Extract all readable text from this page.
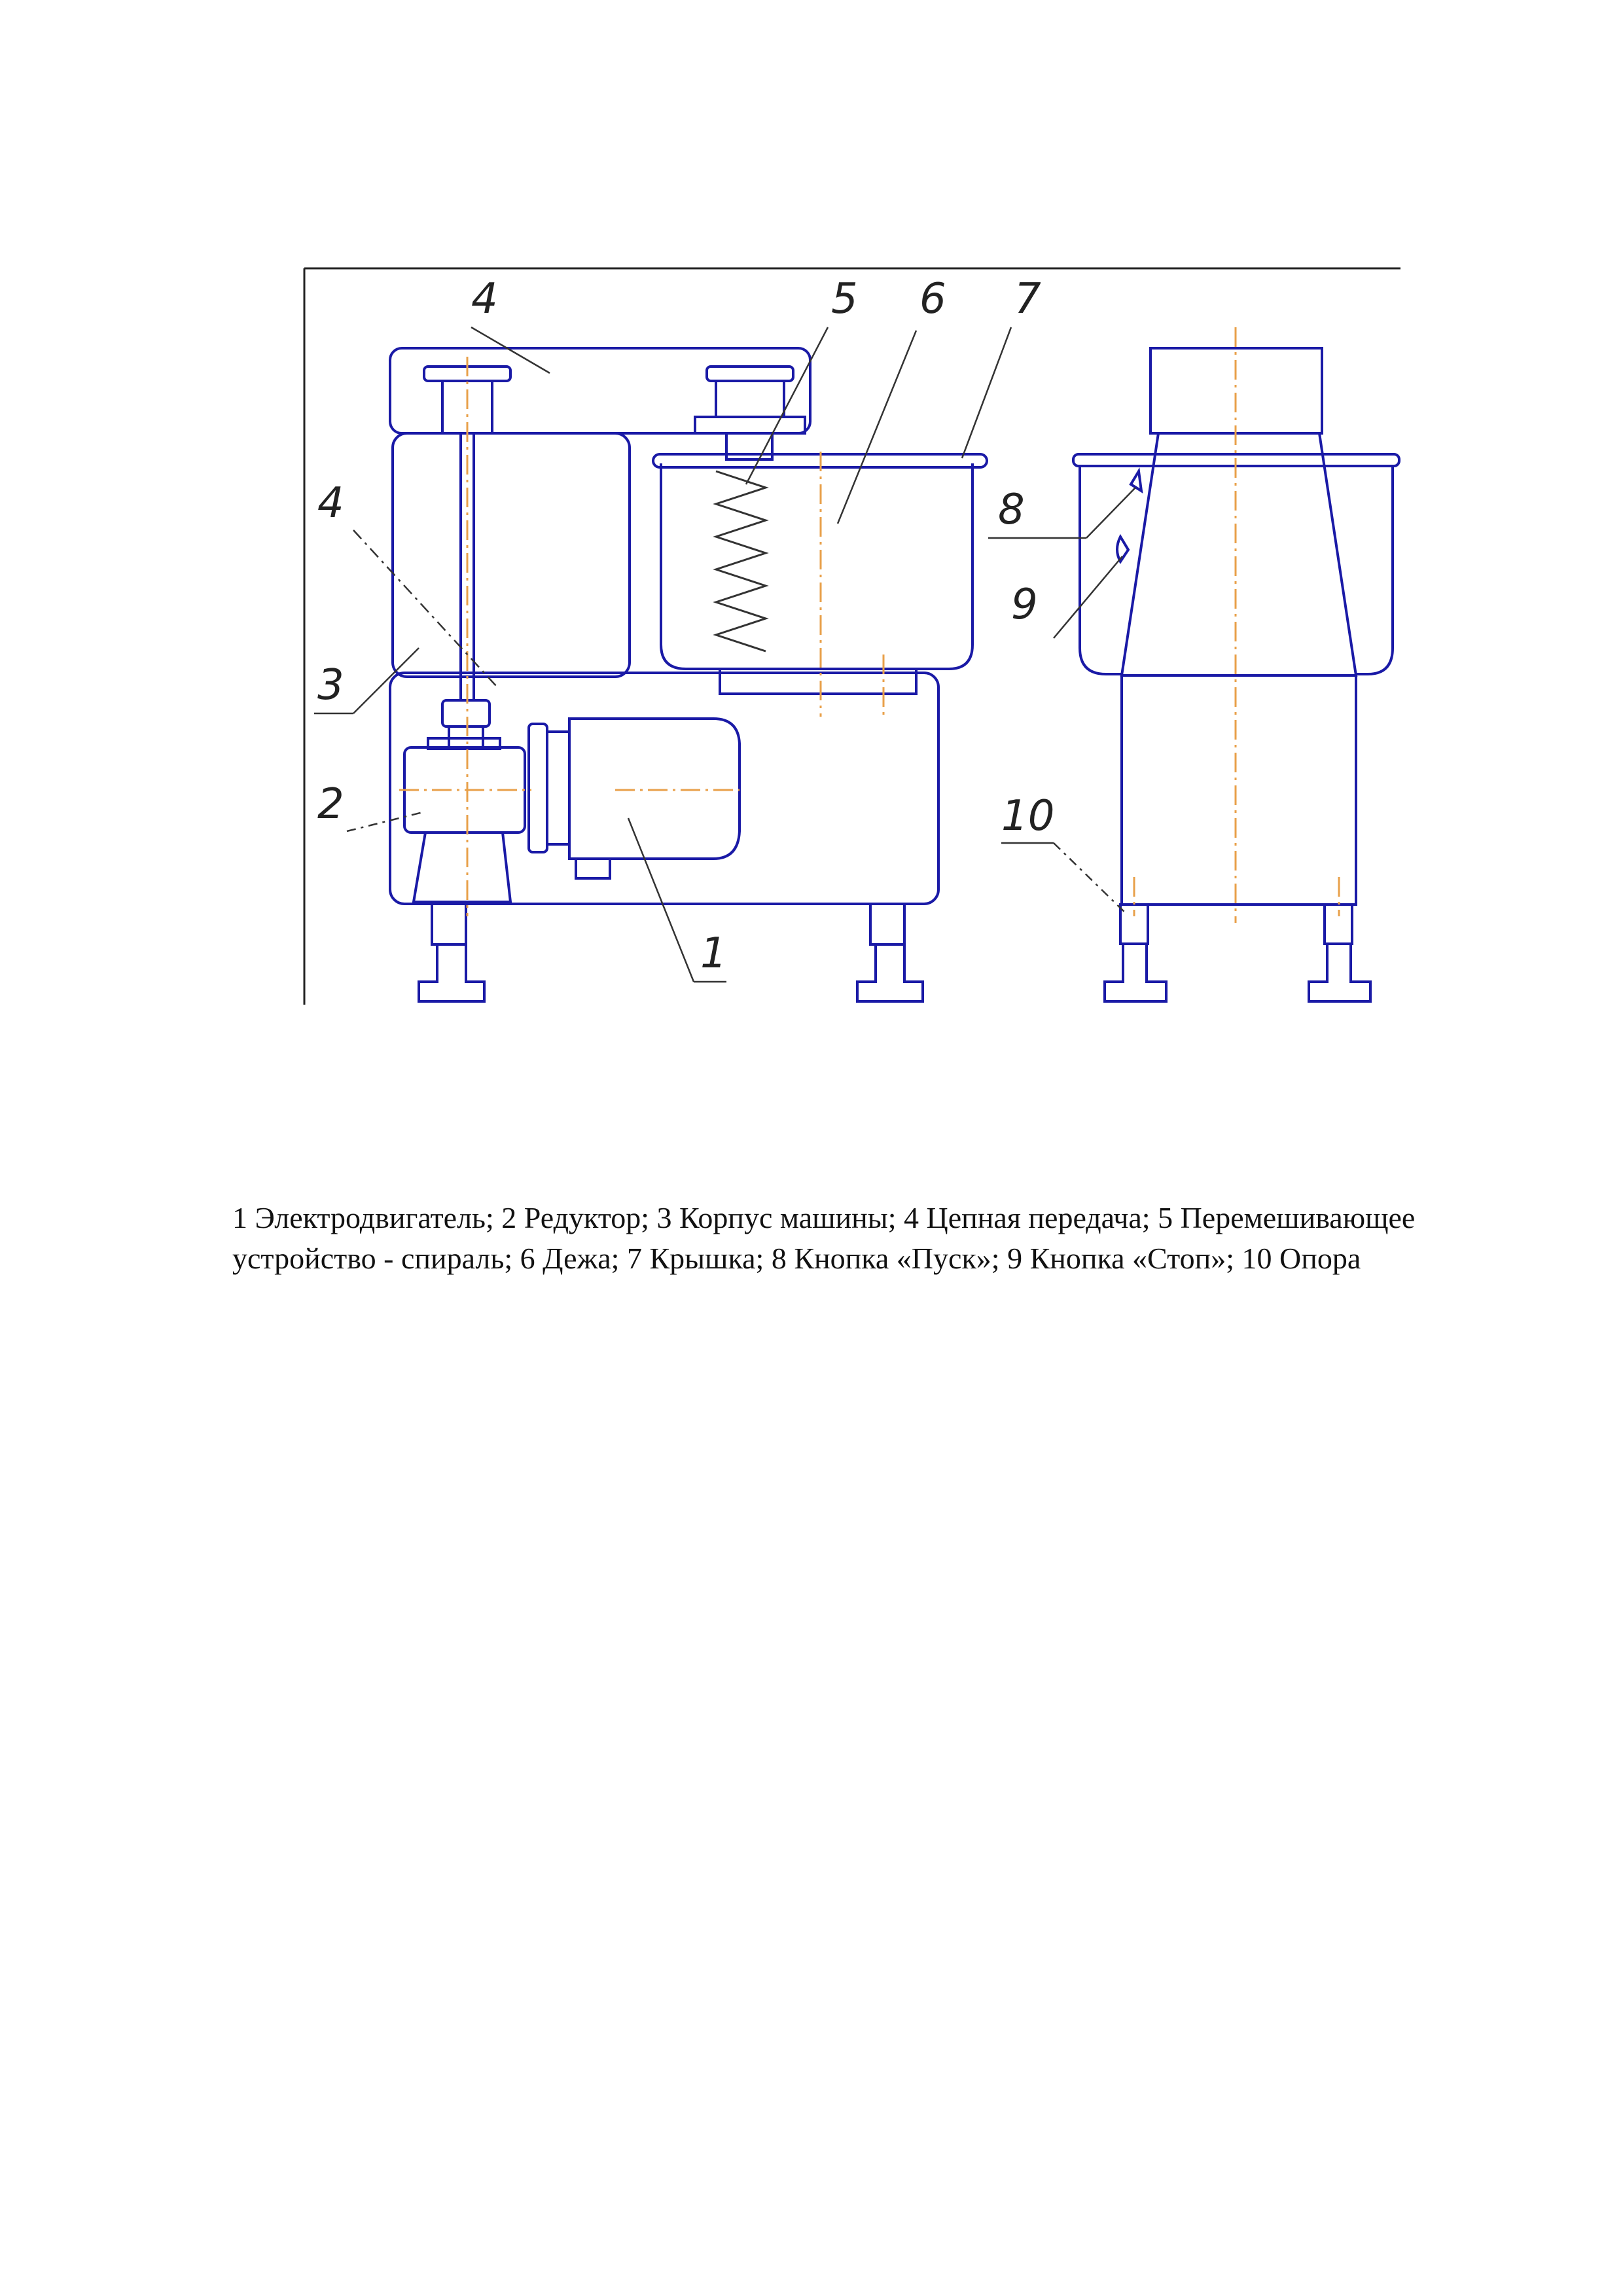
4	5 6 7
4
3
2
1
8
9
10
1 Электродвигатель; 2 Редуктор; 3 Корпус машины; 4 Цепная передача; 5 Перемешивающее устройство - спираль; 6 Дежа; 7 Крышка; 8 Кнопка «Пуск»; 9 Кнопка «Стоп»; 10 Опора
